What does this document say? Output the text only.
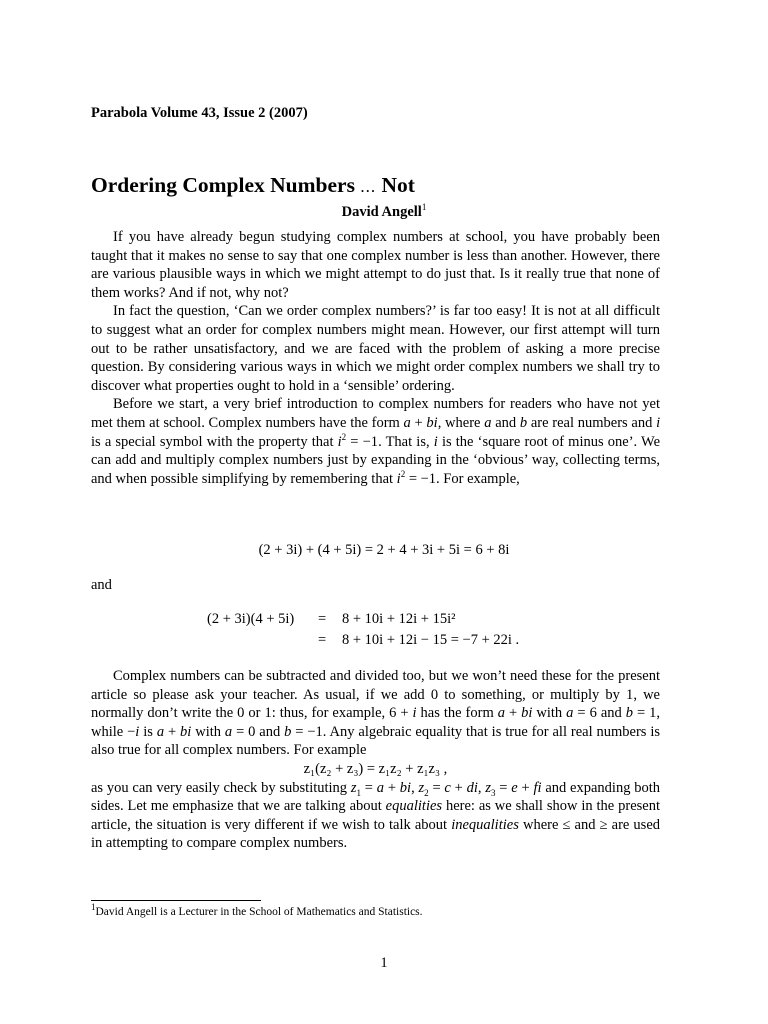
Parabola Volume 43, Issue 2 (2007)
Ordering Complex Numbers ... Not
David Angell$^1$

If you have already begun studying complex numbers at school, you have probably been taught that it makes no sense to say that one complex number is less than another. However, there are various plausible ways in which we might attempt to do just that. Is it really true that none of them works? And if not, why not?

In fact the question, ‘Can we order complex numbers?’ is far too easy! It is not at all difficult to suggest what an order for complex numbers might mean. However, our first attempt will turn out to be rather unsatisfactory, and we are faced with the problem of asking a more precise question. By considering various ways in which we might order complex numbers we shall try to discover what properties ought to hold in a ‘sensible’ ordering.

Before we start, a very brief introduction to complex numbers for readers who have not yet met them at school. Complex numbers have the form a + bi, where a and b are real numbers and i is a special symbol with the property that $i^2 = -1$. That is, i is the ‘square root of minus one’. We can add and multiply complex numbers just by expanding in the ‘obvious’ way, collecting terms, and when possible simplifying by remembering that $i^2 = -1$. For example,

(2 + 3i) + (4 + 5i) = 2 + 4 + 3i + 5i = 6 + 8i
and
(2 + 3i)(4 + 5i)	= 8 + 10i + 12i + 15i²
= 8 + 10i + 12i − 15 = −7 + 22i .

Complex numbers can be subtracted and divided too, but we won’t need these for the present article so please ask your teacher. As usual, if we add 0 to something, or multiply by 1, we normally don’t write the 0 or 1: thus, for example, 6 + i has the form a + bi with a = 6 and b = 1, while −i is a + bi with a = 0 and b = −1. Any algebraic equality that is true for all real numbers is also true for all complex numbers. For example

z₁(z₂ + z₃) = z₁z₂ + z₁z₃ ,

as you can very easily check by substituting $z_1 = a$ + bi, $z_2 = c$ + di, $z_3 = e$ + fi and expanding both sides. Let me emphasize that we are talking about equalities here: as we shall show in the present article, the situation is very different if we wish to talk about inequalities where ≤ and ≥ are used in attempting to compare complex numbers.

$^1$David Angell is a Lecturer in the School of Mathematics and Statistics.
1
